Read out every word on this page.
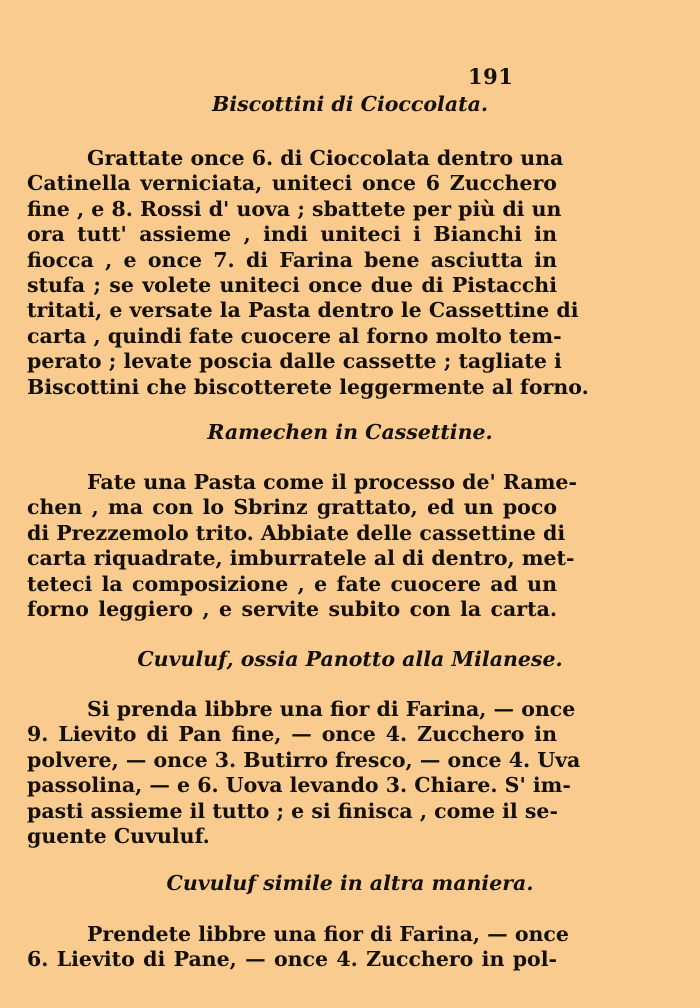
191
Biscottini di Cioccolata.
Grattate once 6. di Cioccolata dentro una
Catinella verniciata, uniteci once 6 Zucchero
fine , e 8. Rossi d' uova ; sbattete per più di un
ora tutt' assieme , indi uniteci i Bianchi in
fiocca , e once 7. di Farina bene asciutta in
stufa ; se volete uniteci once due di Pistacchi
tritati, e versate la Pasta dentro le Cassettine di
carta , quindi fate cuocere al forno molto tem-
perato ; levate poscia dalle cassette ; tagliate i
Biscottini che biscotterete leggermente al forno.
Ramechen in Cassettine.
Fate una Pasta come il processo de' Rame-
chen , ma con lo Sbrinz grattato, ed un poco
di Prezzemolo trito. Abbiate delle cassettine di
carta riquadrate, imburratele al di dentro, met-
teteci la composizione , e fate cuocere ad un
forno leggiero , e servite subito con la carta.
Cuvuluf, ossia Panotto alla Milanese.
Si prenda libbre una fior di Farina, — once
9. Lievito di Pan fine, — once 4. Zucchero in
polvere, — once 3. Butirro fresco, — once 4. Uva
passolina, — e 6. Uova levando 3. Chiare. S' im-
pasti assieme il tutto ; e si finisca , come il se-
guente Cuvuluf.
Cuvuluf simile in altra maniera.
Prendete libbre una fior di Farina, — once
6. Lievito di Pane, — once 4. Zucchero in pol-
